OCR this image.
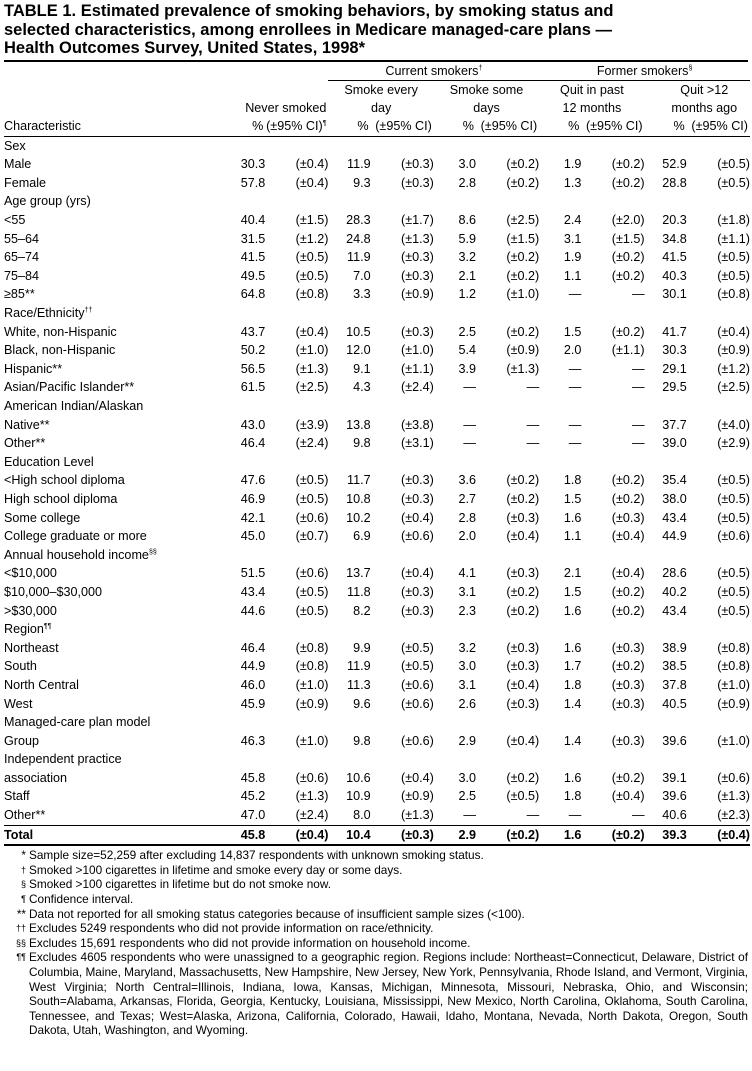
TABLE 1. Estimated prevalence of smoking behaviors, by smoking status and
selected characteristics, among enrollees in Medicare managed-care plans —
Health Outcomes Survey, United States, 1998*
			Current smokers†				Former smokers§
	Never smoked		Smoke every day		Smoke some days		Quit in past 12 months		Quit >12 months ago	
Characteristic	%	(±95% CI)¶	%	(±95% CI)	%	(±95% CI)	%	(±95% CI)	%	(±95% CI)
Sex										
Male	30.3	(±0.4)	11.9	(±0.3)	3.0	(±0.2)	1.9	(±0.2)	52.9	(±0.5)
Female	57.8	(±0.4)	9.3	(±0.3)	2.8	(±0.2)	1.3	(±0.2)	28.8	(±0.5)
Age group (yrs)										
<55	40.4	(±1.5)	28.3	(±1.7)	8.6	(±2.5)	2.4	(±2.0)	20.3	(±1.8)
55–64	31.5	(±1.2)	24.8	(±1.3)	5.9	(±1.5)	3.1	(±1.5)	34.8	(±1.1)
65–74	41.5	(±0.5)	11.9	(±0.3)	3.2	(±0.2)	1.9	(±0.2)	41.5	(±0.5)
75–84	49.5	(±0.5)	7.0	(±0.3)	2.1	(±0.2)	1.1	(±0.2)	40.3	(±0.5)
≥85**	64.8	(±0.8)	3.3	(±0.9)	1.2	(±1.0)	—	—	30.1	(±0.8)
Race/Ethnicity††	
White, non-Hispanic	43.7	(±0.4)	10.5	(±0.3)	2.5	(±0.2)	1.5	(±0.2)	41.7	(±0.4)
Black, non-Hispanic	50.2	(±1.0)	12.0	(±1.0)	5.4	(±0.9)	2.0	(±1.1)	30.3	(±0.9)
Hispanic**	56.5	(±1.3)	9.1	(±1.1)	3.9	(±1.3)	—	—	29.1	(±1.2)
Asian/Pacific Islander**	61.5	(±2.5)	4.3	(±2.4)	—	—	—	—	29.5	(±2.5)
American Indian/Alaskan										
Native**	43.0	(±3.9)	13.8	(±3.8)	—	—	—	—	37.7	(±4.0)
Other**	46.4	(±2.4)	9.8	(±3.1)	—	—	—	—	39.0	(±2.9)
Education Level										
<High school diploma	47.6	(±0.5)	11.7	(±0.3)	3.6	(±0.2)	1.8	(±0.2)	35.4	(±0.5)
High school diploma	46.9	(±0.5)	10.8	(±0.3)	2.7	(±0.2)	1.5	(±0.2)	38.0	(±0.5)
Some college	42.1	(±0.6)	10.2	(±0.4)	2.8	(±0.3)	1.6	(±0.3)	43.4	(±0.5)
College graduate or more	45.0	(±0.7)	6.9	(±0.6)	2.0	(±0.4)	1.1	(±0.4)	44.9	(±0.6)
Annual household income§§	
<$10,000	51.5	(±0.6)	13.7	(±0.4)	4.1	(±0.3)	2.1	(±0.4)	28.6	(±0.5)
$10,000–$30,000	43.4	(±0.5)	11.8	(±0.3)	3.1	(±0.2)	1.5	(±0.2)	40.2	(±0.5)
>$30,000	44.6	(±0.5)	8.2	(±0.3)	2.3	(±0.2)	1.6	(±0.2)	43.4	(±0.5)
Region¶¶	
Northeast	46.4	(±0.8)	9.9	(±0.5)	3.2	(±0.3)	1.6	(±0.3)	38.9	(±0.8)
South	44.9	(±0.8)	11.9	(±0.5)	3.0	(±0.3)	1.7	(±0.2)	38.5	(±0.8)
North Central	46.0	(±1.0)	11.3	(±0.6)	3.1	(±0.4)	1.8	(±0.3)	37.8	(±1.0)
West	45.9	(±0.9)	9.6	(±0.6)	2.6	(±0.3)	1.4	(±0.3)	40.5	(±0.9)
Managed-care plan model										
Group	46.3	(±1.0)	9.8	(±0.6)	2.9	(±0.4)	1.4	(±0.3)	39.6	(±1.0)
Independent practice										
association	45.8	(±0.6)	10.6	(±0.4)	3.0	(±0.2)	1.6	(±0.2)	39.1	(±0.6)
Staff	45.2	(±1.3)	10.9	(±0.9)	2.5	(±0.5)	1.8	(±0.4)	39.6	(±1.3)
Other**	47.0	(±2.4)	8.0	(±1.3)	—	—	—	—	40.6	(±2.3)
Total	45.8	(±0.4)	10.4	(±0.3)	2.9	(±0.2)	1.6	(±0.2)	39.3	(±0.4)
* Sample size=52,259 after excluding 14,837 respondents with unknown smoking status.
† Smoked >100 cigarettes in lifetime and smoke every day or some days.
§ Smoked >100 cigarettes in lifetime but do not smoke now.
¶ Confidence interval.
** Data not reported for all smoking status categories because of insufficient sample sizes (<100).
†† Excludes 5249 respondents who did not provide information on race/ethnicity.
§§ Excludes 15,691 respondents who did not provide information on household income.
¶¶ Excludes 4605 respondents who were unassigned to a geographic region. Regions include: Northeast=Connecticut, Delaware, District of Columbia, Maine, Maryland, Massachusetts, New Hampshire, New Jersey, New York, Pennsylvania, Rhode Island, and Vermont, Virginia, West Virginia; North Central=Illinois, Indiana, Iowa, Kansas, Michigan, Minnesota, Missouri, Nebraska, Ohio, and Wisconsin; South=Alabama, Arkansas, Florida, Georgia, Kentucky, Louisiana, Mississippi, New Mexico, North Carolina, Oklahoma, South Carolina, Tennessee, and Texas; West=Alaska, Arizona, California, Colorado, Hawaii, Idaho, Montana, Nevada, North Dakota, Oregon, South Dakota, Utah, Washington, and Wyoming.
